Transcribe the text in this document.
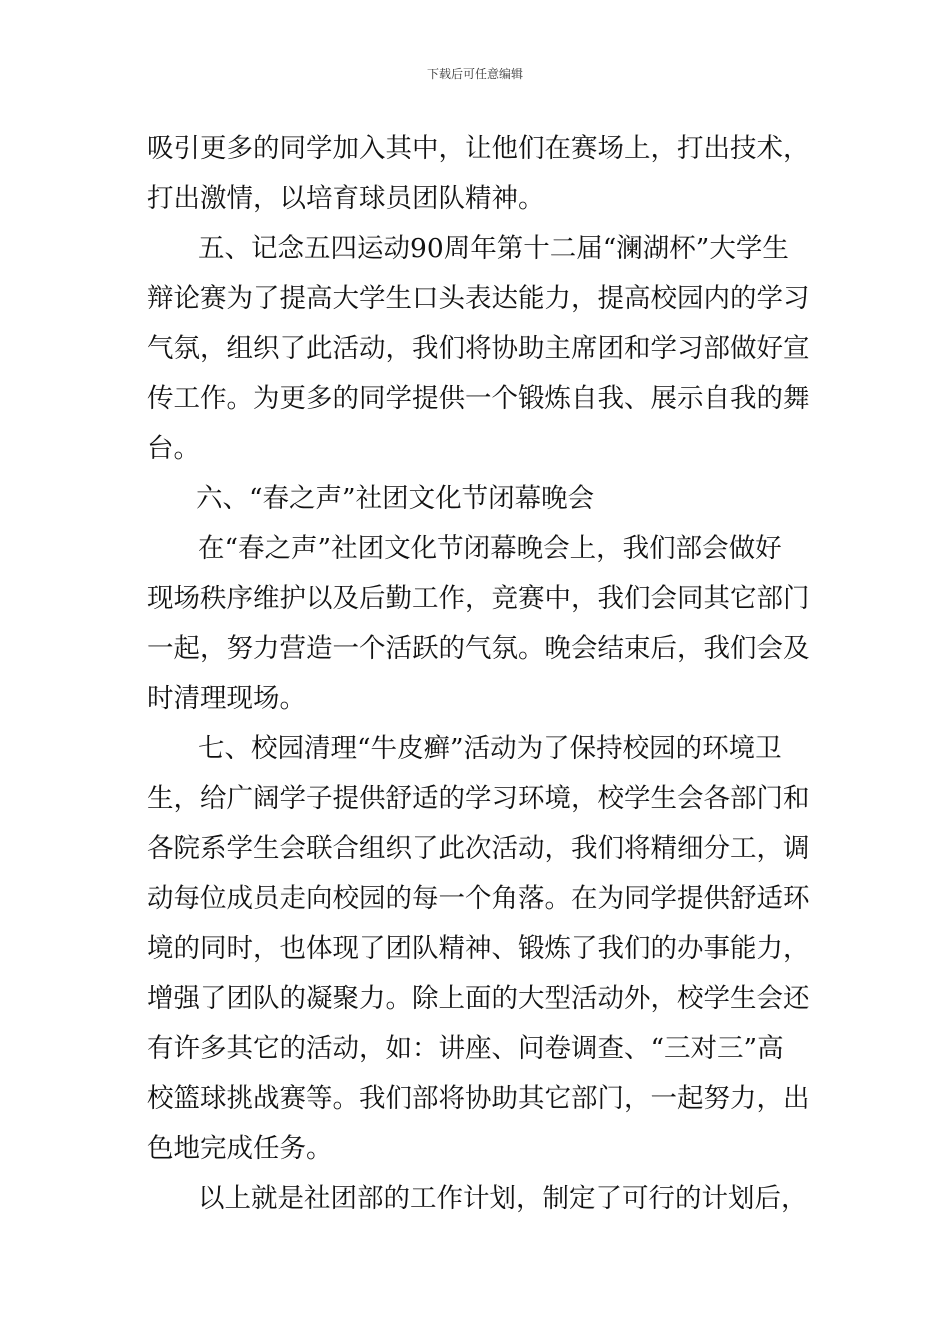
下载后可任意编辑
吸引更多的同学加入其中，让他们在赛场上，打出技术，
打出激情，以培育球员团队精神。
五、记念五四运动90周年第十二届“澜湖杯”大学生
辩论赛为了提高大学生口头表达能力，提高校园内的学习
气氛，组织了此活动，我们将协助主席团和学习部做好宣
传工作。为更多的同学提供一个锻炼自我、展示自我的舞
台。
六、“春之声”社团文化节闭幕晚会
在“春之声”社团文化节闭幕晚会上，我们部会做好
现场秩序维护以及后勤工作，竞赛中，我们会同其它部门
一起，努力营造一个活跃的气氛。晚会结束后，我们会及
时清理现场。
七、校园清理“牛皮癣”活动为了保持校园的环境卫
生，给广阔学子提供舒适的学习环境，校学生会各部门和
各院系学生会联合组织了此次活动，我们将精细分工，调
动每位成员走向校园的每一个角落。在为同学提供舒适环
境的同时，也体现了团队精神、锻炼了我们的办事能力，
增强了团队的凝聚力。除上面的大型活动外，校学生会还
有许多其它的活动，如：讲座、问卷调查、“三对三”高
校篮球挑战赛等。我们部将协助其它部门，一起努力，出
色地完成任务。
以上就是社团部的工作计划，制定了可行的计划后，
